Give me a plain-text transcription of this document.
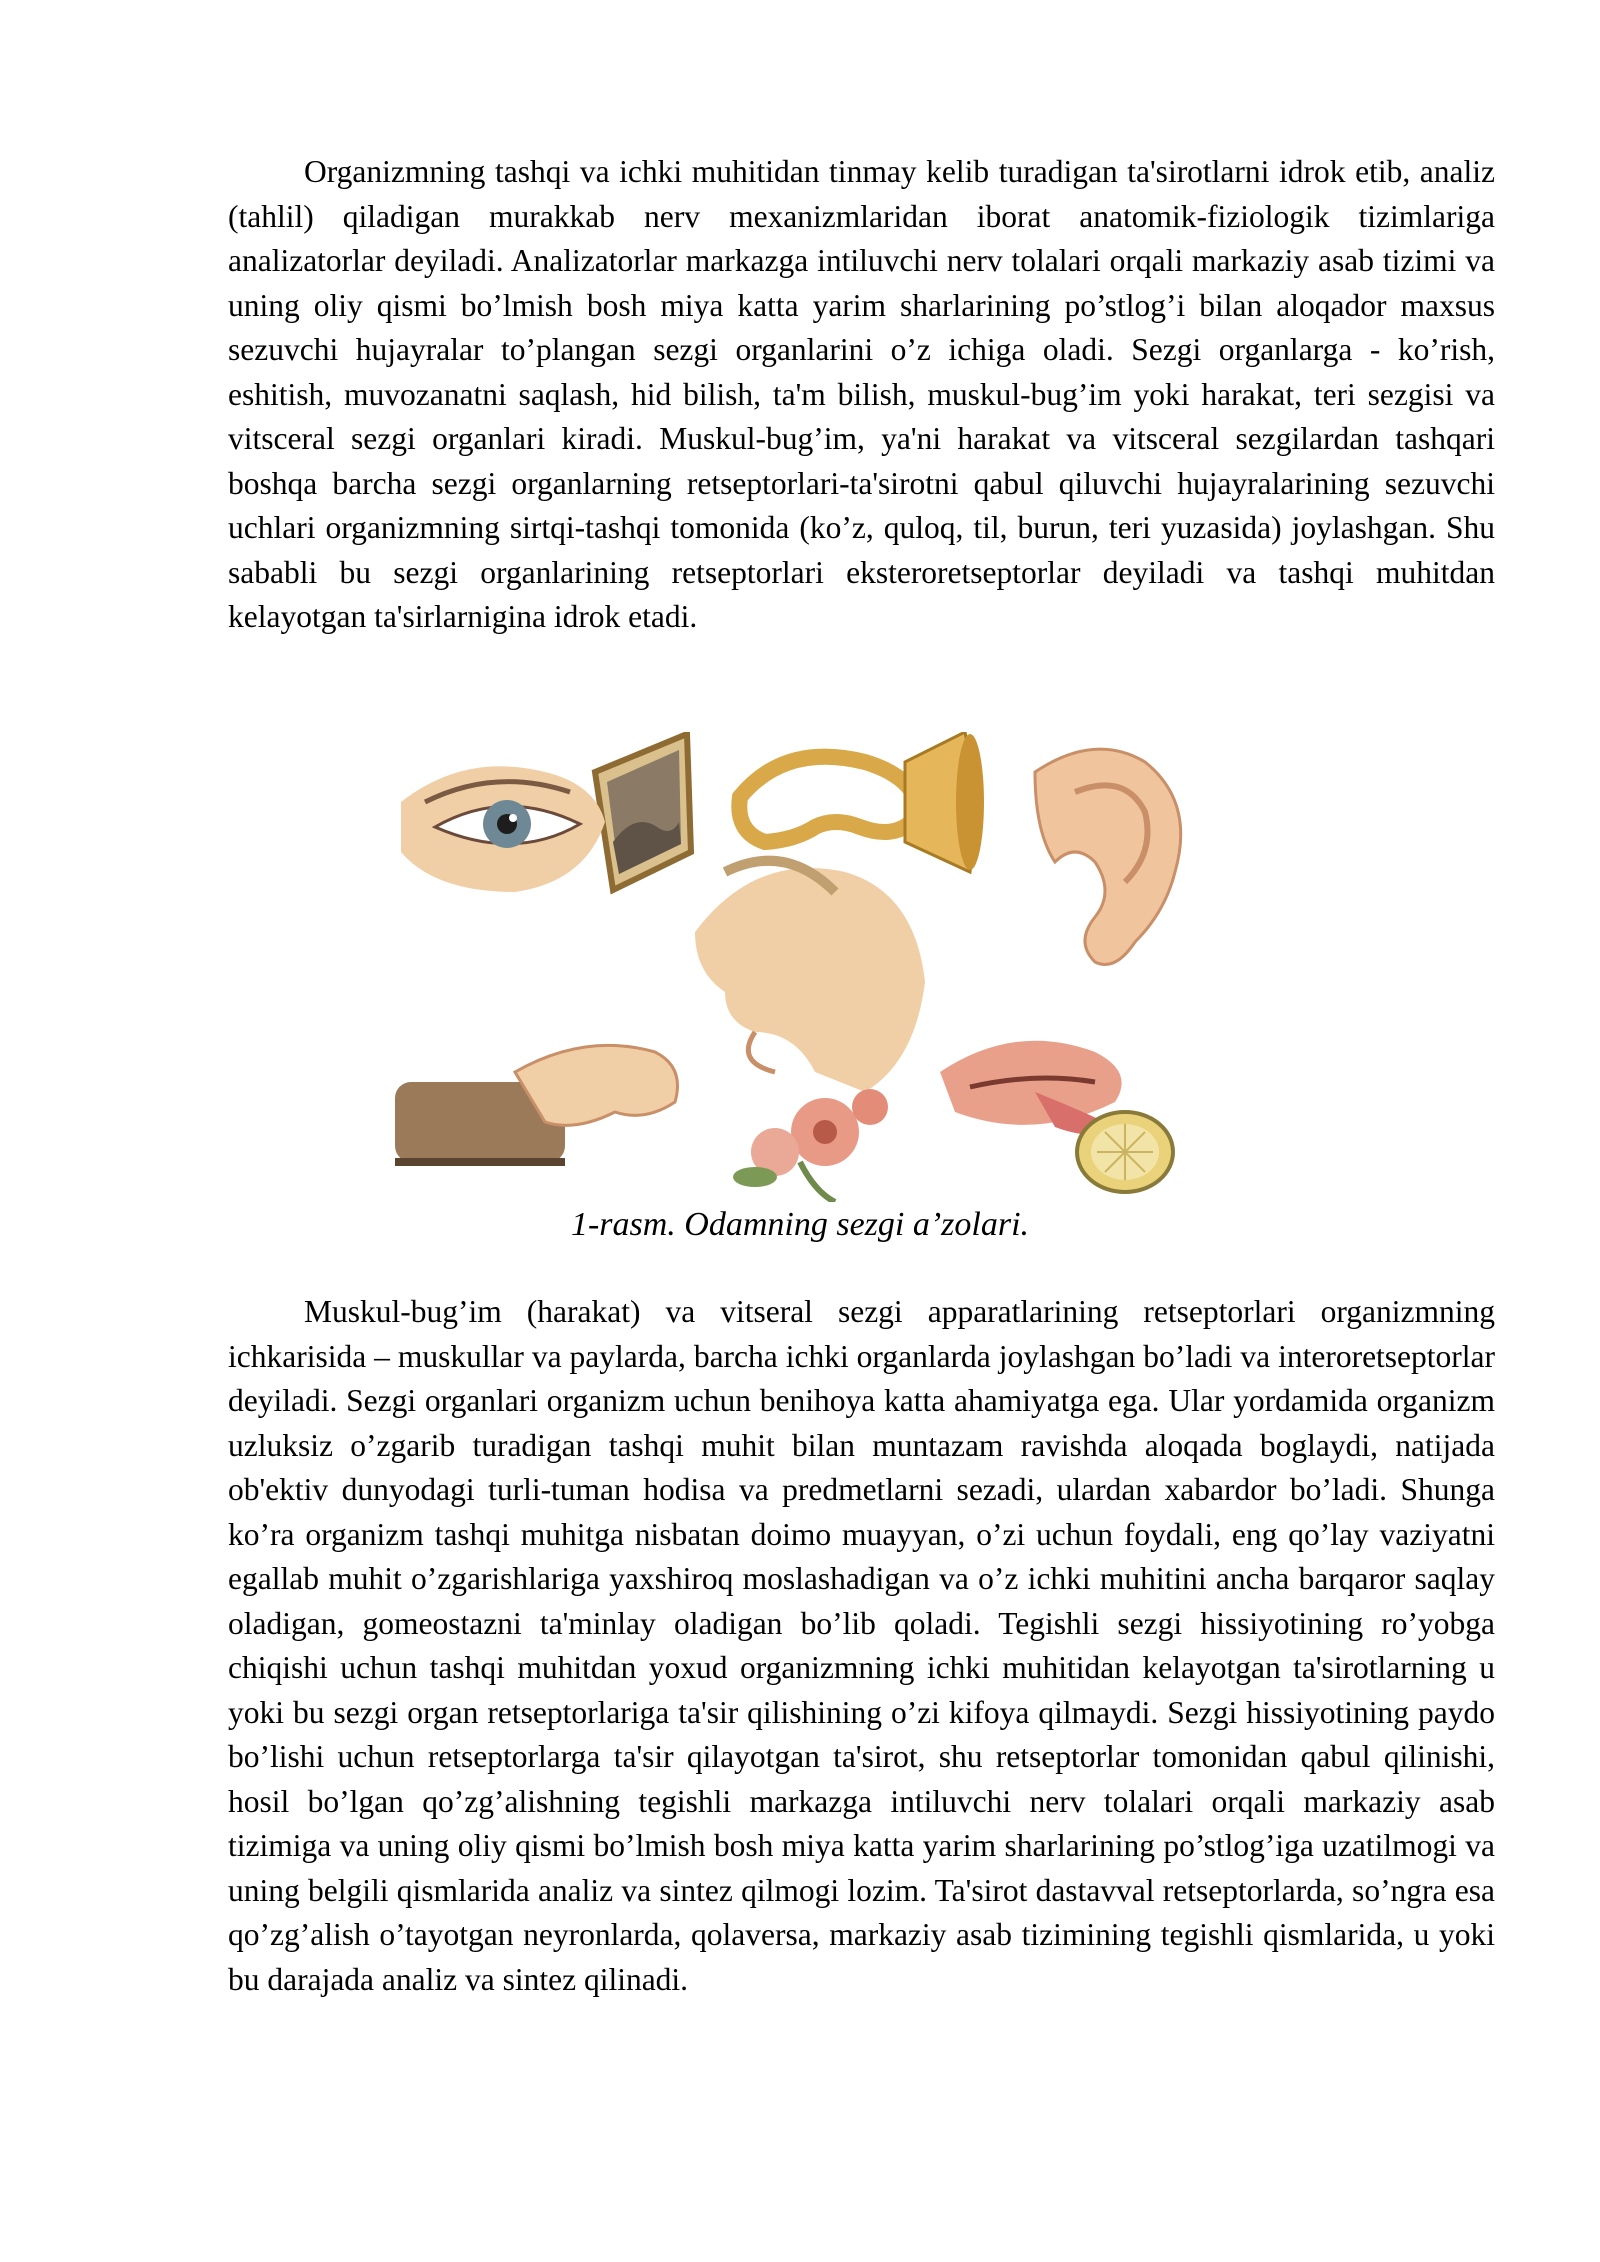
Organizmning tashqi va ichki muhitidan tinmay kelib turadigan ta'sirotlarni idrok etib, analiz (tahlil) qiladigan murakkab nerv mexanizmlaridan iborat anatomik-fiziologik tizimlariga analizatorlar deyiladi. Analizatorlar markazga intiluvchi nerv tolalari orqali markaziy asab tizimi va uning oliy qismi bo’lmish bosh miya katta yarim sharlarining po’stlog’i bilan aloqador maxsus sezuvchi hujayralar to’plangan sezgi organlarini o’z ichiga oladi. Sezgi organlarga - ko’rish, eshitish, muvozanatni saqlash, hid bilish, ta'm bilish, muskul-bug’im yoki harakat, teri sezgisi va vitsceral sezgi organlari kiradi. Muskul-bug’im, ya'ni harakat va vitsceral sezgilardan tashqari boshqa barcha sezgi organlarning retseptorlari-ta'sirotni qabul qiluvchi hujayralarining sezuvchi uchlari organizmning sirtqi-tashqi tomonida (ko’z, quloq, til, burun, teri yuzasida) joylashgan. Shu sababli bu sezgi organlarining retseptorlari eksteroretseptorlar deyiladi va tashqi muhitdan kelayotgan ta'sirlarnigina idrok etadi.

1-rasm. Odamning sezgi a’zolari.

Muskul-bug’im (harakat) va vitseral sezgi apparatlarining retseptorlari organizmning ichkarisida – muskullar va paylarda, barcha ichki organlarda joylashgan bo’ladi va interoretseptorlar deyiladi. Sezgi organlari organizm uchun benihoya katta ahamiyatga ega. Ular yordamida organizm uzluksiz o’zgarib turadigan tashqi muhit bilan muntazam ravishda aloqada boglaydi, natijada ob'ektiv dunyodagi turli-tuman hodisa va predmetlarni sezadi, ulardan xabardor bo’ladi. Shunga ko’ra organizm tashqi muhitga nisbatan doimo muayyan, o’zi uchun foydali, eng qo’lay vaziyatni egallab muhit o’zgarishlariga yaxshiroq moslashadigan va o’z ichki muhitini ancha barqaror saqlay oladigan, gomeostazni ta'minlay oladigan bo’lib qoladi. Tegishli sezgi hissiyotining ro’yobga chiqishi uchun tashqi muhitdan yoxud organizmning ichki muhitidan kelayotgan ta'sirotlarning u yoki bu sezgi organ retseptorlariga ta'sir qilishining o’zi kifoya qilmaydi. Sezgi hissiyotining paydo bo’lishi uchun retseptorlarga ta'sir qilayotgan ta'sirot, shu retseptorlar tomonidan qabul qilinishi, hosil bo’lgan qo’zg’alishning tegishli markazga intiluvchi nerv tolalari orqali markaziy asab tizimiga va uning oliy qismi bo’lmish bosh miya katta yarim sharlarining po’stlog’iga uzatilmogi va uning belgili qismlarida analiz va sintez qilmogi lozim. Ta'sirot dastavval retseptorlarda, so’ngra esa qo’zg’alish o’tayotgan neyronlarda, qolaversa, markaziy asab tizimining tegishli qismlarida, u yoki bu darajada analiz va sintez qilinadi.
